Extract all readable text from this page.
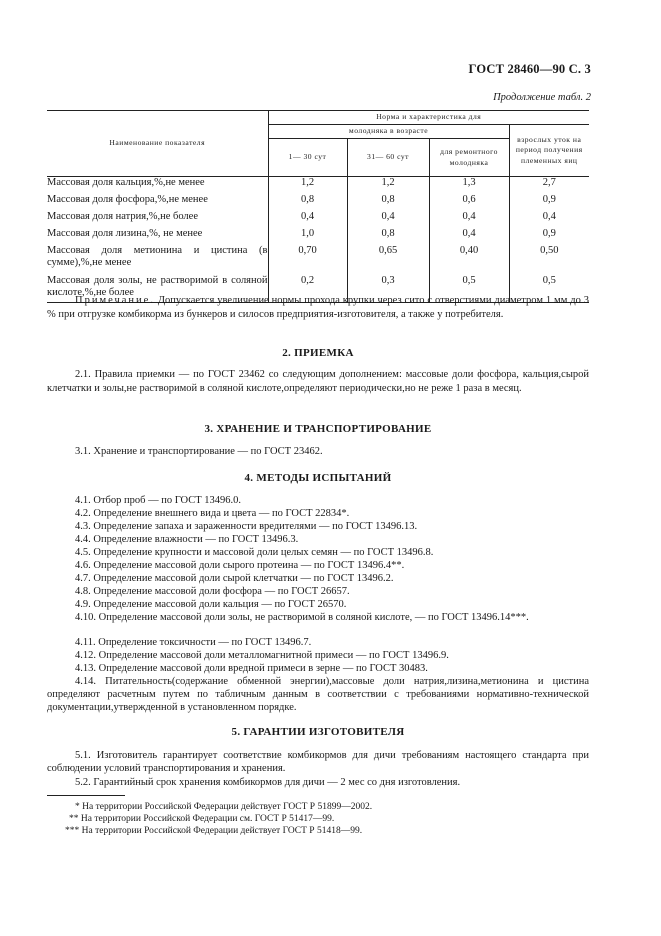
ГОСТ 28460—90 С. 3
Продолжение табл. 2
Наименование показателя	Норма и характеристика для			
	молодняка в возрасте			взрослых уток на период получения племенных яиц
	1— 30 сут	31— 60 сут	для ремонтного молодняка	
Массовая доля кальция,%,не менее	1,2	1,2	1,3	2,7
Массовая доля фосфора,%,не менее	0,8	0,8	0,6	0,9
Массовая доля натрия,%,не более	0,4	0,4	0,4	0,4
Массовая доля лизина,%, не менее	1,0	0,8	0,4	0,9
Массовая доля метионина и цистина (в сумме),%,не менее	0,70	0,65	0,40	0,50
Массовая доля золы, не растворимой в соляной кислоте,%,не более	0,2	0,3	0,5	0,5

Примечание. Допускается увеличение нормы прохода крупки через сито с отверстиями диаметром 1 мм до 3 % при отгрузке комбикорма из бункеров и силосов предприятия-изготовителя, а также у потребителя.

2. ПРИЕМКА

2.1. Правила приемки — по ГОСТ 23462 со следующим дополнением: массовые доли фосфора, кальция,сырой клетчатки и золы,не растворимой в соляной кислоте,определяют периодически,но не реже 1 раза в месяц.

3. ХРАНЕНИЕ И ТРАНСПОРТИРОВАНИЕ

3.1. Хранение и транспортирование — по ГОСТ 23462.

4. МЕТОДЫ ИСПЫТАНИЙ

4.1. Отбор проб — по ГОСТ 13496.0.

4.2. Определение внешнего вида и цвета — по ГОСТ 22834*.

4.3. Определение запаха и зараженности вредителями — по ГОСТ 13496.13.

4.4. Определение влажности — по ГОСТ 13496.3.

4.5. Определение крупности и массовой доли целых семян — по ГОСТ 13496.8.

4.6. Определение массовой доли сырого протеина — по ГОСТ 13496.4**.

4.7. Определение массовой доли сырой клетчатки — по ГОСТ 13496.2.

4.8. Определение массовой доли фосфора — по ГОСТ 26657.

4.9. Определение массовой доли кальция — по ГОСТ 26570.

4.10. Определение массовой доли золы, не растворимой в соляной кислоте, — по ГОСТ 13496.14***.

4.11. Определение токсичности — по ГОСТ 13496.7.

4.12. Определение массовой доли металломагнитной примеси — по ГОСТ 13496.9.

4.13. Определение массовой доли вредной примеси в зерне — по ГОСТ 30483.

4.14. Питательность(содержание обменной энергии),массовые доли натрия,лизина,метионина и цистина определяют расчетным путем по табличным данным в соответствии с требованиями нормативно-технической документации,утвержденной в установленном порядке.

5. ГАРАНТИИ ИЗГОТОВИТЕЛЯ

5.1. Изготовитель гарантирует соответствие комбикормов для дичи требованиям настоящего стандарта при соблюдении условий транспортирования и хранения.

5.2. Гарантийный срок хранения комбикормов для дичи — 2 мес со дня изготовления.

* На территории Российской Федерации действует ГОСТ Р 51899—2002.

** На территории Российской Федерации см. ГОСТ Р 51417—99.

*** На территории Российской Федерации действует ГОСТ Р 51418—99.
